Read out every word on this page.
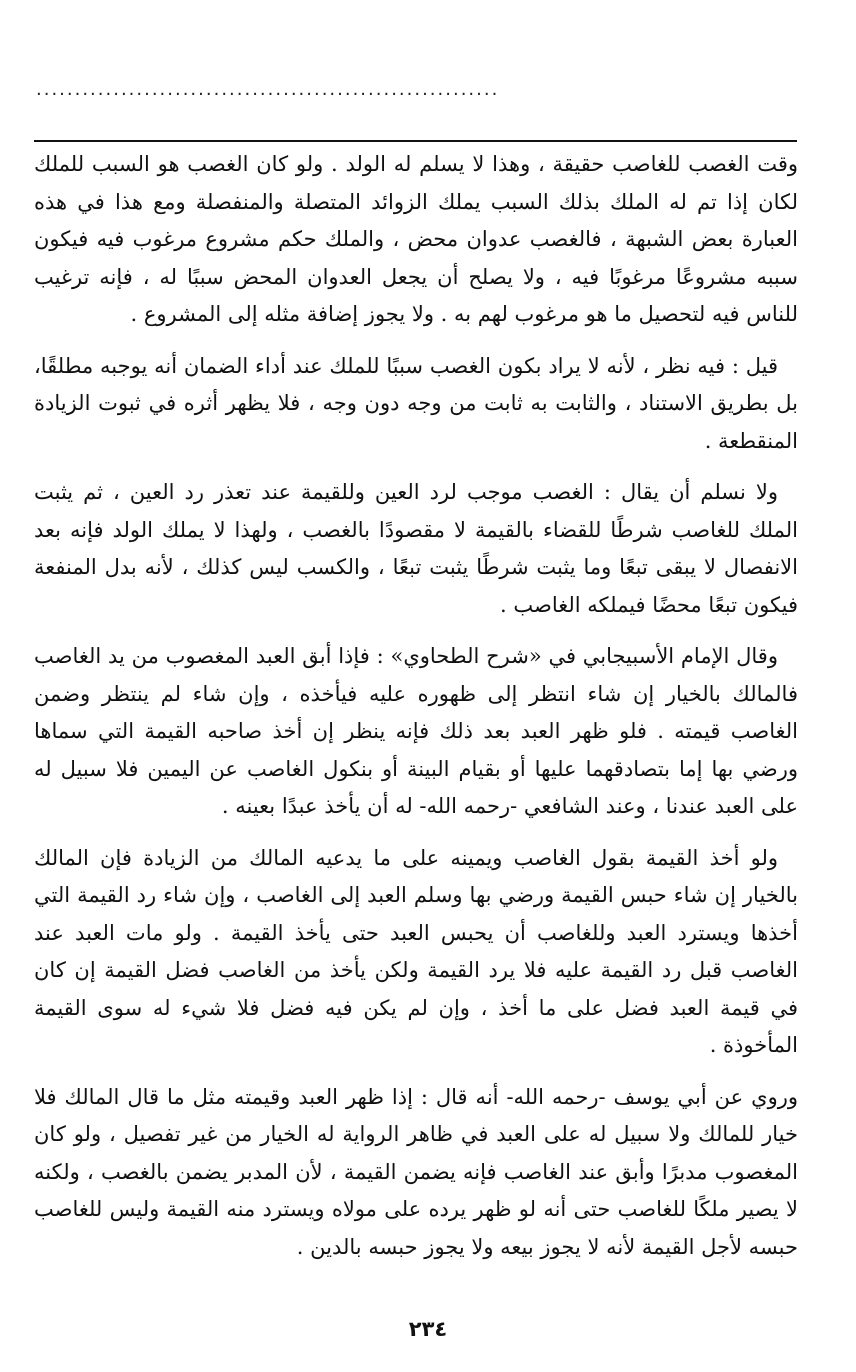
............................................................

وقت الغصب للغاصب حقيقة ، وهذا لا يسلم له الولد . ولو كان الغصب هو السبب للملك لكان إذا تم له الملك بذلك السبب يملك الزوائد المتصلة والمنفصلة ومع هذا في هذه العبارة بعض الشبهة ، فالغصب عدوان محض ، والملك حكم مشروع مرغوب فيه فيكون سببه مشروعًا مرغوبًا فيه ، ولا يصلح أن يجعل العدوان المحض سببًا له ، فإنه ترغيب للناس فيه لتحصيل ما هو مرغوب لهم به . ولا يجوز إضافة مثله إلى المشروع .

قيل : فيه نظر ، لأنه لا يراد بكون الغصب سببًا للملك عند أداء الضمان أنه يوجبه مطلقًا، بل بطريق الاستناد ، والثابت به ثابت من وجه دون وجه ، فلا يظهر أثره في ثبوت الزيادة المنقطعة .

ولا نسلم أن يقال : الغصب موجب لرد العين وللقيمة عند تعذر رد العين ، ثم يثبت الملك للغاصب شرطًا للقضاء بالقيمة لا مقصودًا بالغصب ، ولهذا لا يملك الولد فإنه بعد الانفصال لا يبقى تبعًا وما يثبت شرطًا يثبت تبعًا ، والكسب ليس كذلك ، لأنه بدل المنفعة فيكون تبعًا محضًا فيملكه الغاصب .

وقال الإمام الأسبيجابي في «شرح الطحاوي» : فإذا أبق العبد المغصوب من يد الغاصب فالمالك بالخيار إن شاء انتظر إلى ظهوره عليه فيأخذه ، وإن شاء لم ينتظر وضمن الغاصب قيمته . فلو ظهر العبد بعد ذلك فإنه ينظر إن أخذ صاحبه القيمة التي سماها ورضي بها إما بتصادقهما عليها أو بقيام البينة أو بنكول الغاصب عن اليمين فلا سبيل له على العبد عندنا ، وعند الشافعي -رحمه الله- له أن يأخذ عبدًا بعينه .

ولو أخذ القيمة بقول الغاصب ويمينه على ما يدعيه المالك من الزيادة فإن المالك بالخيار إن شاء حبس القيمة ورضي بها وسلم العبد إلى الغاصب ، وإن شاء رد القيمة التي أخذها ويسترد العبد وللغاصب أن يحبس العبد حتى يأخذ القيمة . ولو مات العبد عند الغاصب قبل رد القيمة عليه فلا يرد القيمة ولكن يأخذ من الغاصب فضل القيمة إن كان في قيمة العبد فضل على ما أخذ ، وإن لم يكن فيه فضل فلا شيء له سوى القيمة المأخوذة .

وروي عن أبي يوسف -رحمه الله- أنه قال : إذا ظهر العبد وقيمته مثل ما قال المالك فلا خيار للمالك ولا سبيل له على العبد في ظاهر الرواية له الخيار من غير تفصيل ، ولو كان المغصوب مدبرًا وأبق عند الغاصب فإنه يضمن القيمة ، لأن المدبر يضمن بالغصب ، ولكنه لا يصير ملكًا للغاصب حتى أنه لو ظهر يرده على مولاه ويسترد منه القيمة وليس للغاصب حبسه لأجل القيمة لأنه لا يجوز بيعه ولا يجوز حبسه بالدين .

٢٣٤
